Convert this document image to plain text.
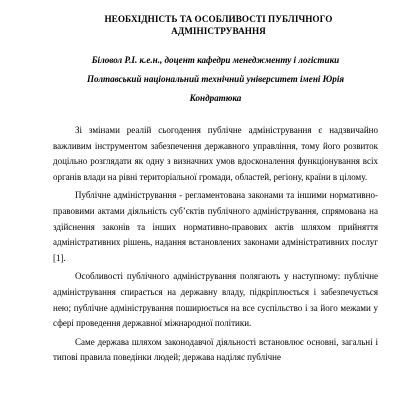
НЕОБХІДНІСТЬ ТА ОСОБЛИВОСТІ ПУБЛІЧНОГО
АДМІНІСТРУВАННЯ
Біловол Р.І. к.е.н., доцент кафедри менеджменту і логістики
Полтавський національний технічний університет імені Юрія
Кондратюка

Зі змінами реалій сьогодення публічне адміністрування є надзвичайно важливим інструментом забезпечення державного управління, тому його розвиток доцільно розглядати як одну з визначних умов вдосконалення функціонування всіх органів влади на рівні територіальної громади, областей, регіону, країни в цілому.

Публічне адміністрування - регламентована законами та іншими нормативно-правовими актами діяльність суб’єктів публічного адміністрування, спрямована на здійснення законів та інших нормативно-правових актів шляхом прийняття адміністративних рішень, надання встановлених законами адміністративних послуг [1].

Особливості публічного адміністрування полягають у наступному: публічне адміністрування спирається на державну владу, підкріплюється і забезпечується нею; публічне адміністрування поширюється на все суспільство і за його межами у сфері проведення державної міжнародної політики.

Саме держава шляхом законодавчої діяльності встановлює основні, загальні і типові правила поведінки людей; держава наділяє публічне
